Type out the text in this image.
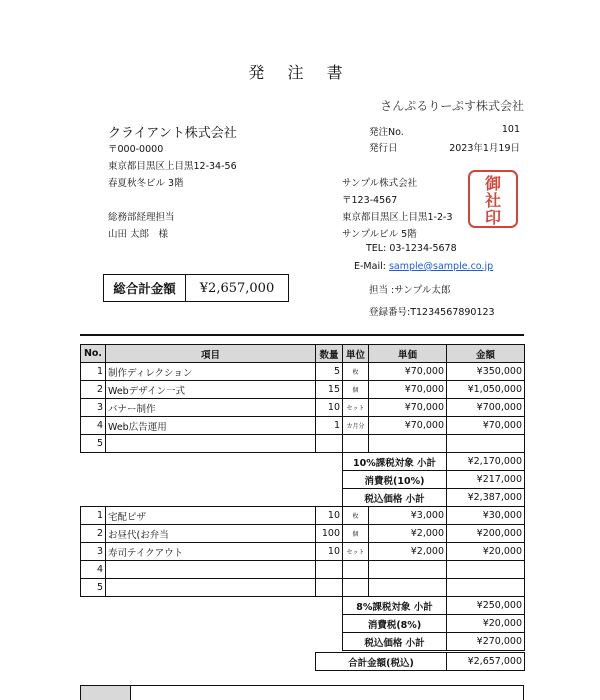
発 注 書
さんぷるりーぷす株式会社
クライアント株式会社
〒000-0000
東京都目黒区上目黒12-34-56
春夏秋冬ビル 3階
総務部経理担当
山田 太郎　様
発注No.	101
発行日	2023年1月19日
サンプル株式会社
〒123-4567
東京都目黒区上目黒1-2-3
サンプルビル 5階
TEL: 03-1234-5678
E-Mail: sample@sample.co.jp
担当 :サンプル太郎
登録番号:T1234567890123
御
社
印
総合計金額	¥2,657,000
No.	項目	数量	単位	単価	金額
1	制作ディレクション	5	枚	¥70,000	¥350,000
2	Webデザイン一式	15	個	¥70,000	¥1,050,000
3	バナー制作	10	セット	¥70,000	¥700,000
4	Web広告運用	1	カ月分	¥70,000	¥70,000
5					
			10%課税対象 小計		¥2,170,000
			消費税(10%)		¥217,000
			税込価格 小計		¥2,387,000
1	宅配ピザ	10	枚	¥3,000	¥30,000
2	お昼代(お弁当	100	個	¥2,000	¥200,000
3	寿司テイクアウト	10	セット	¥2,000	¥20,000
4					
5					
			8%課税対象 小計		¥250,000
			消費税(8%)		¥20,000
			税込価格 小計		¥270,000
合計金額(税込)	¥2,657,000
